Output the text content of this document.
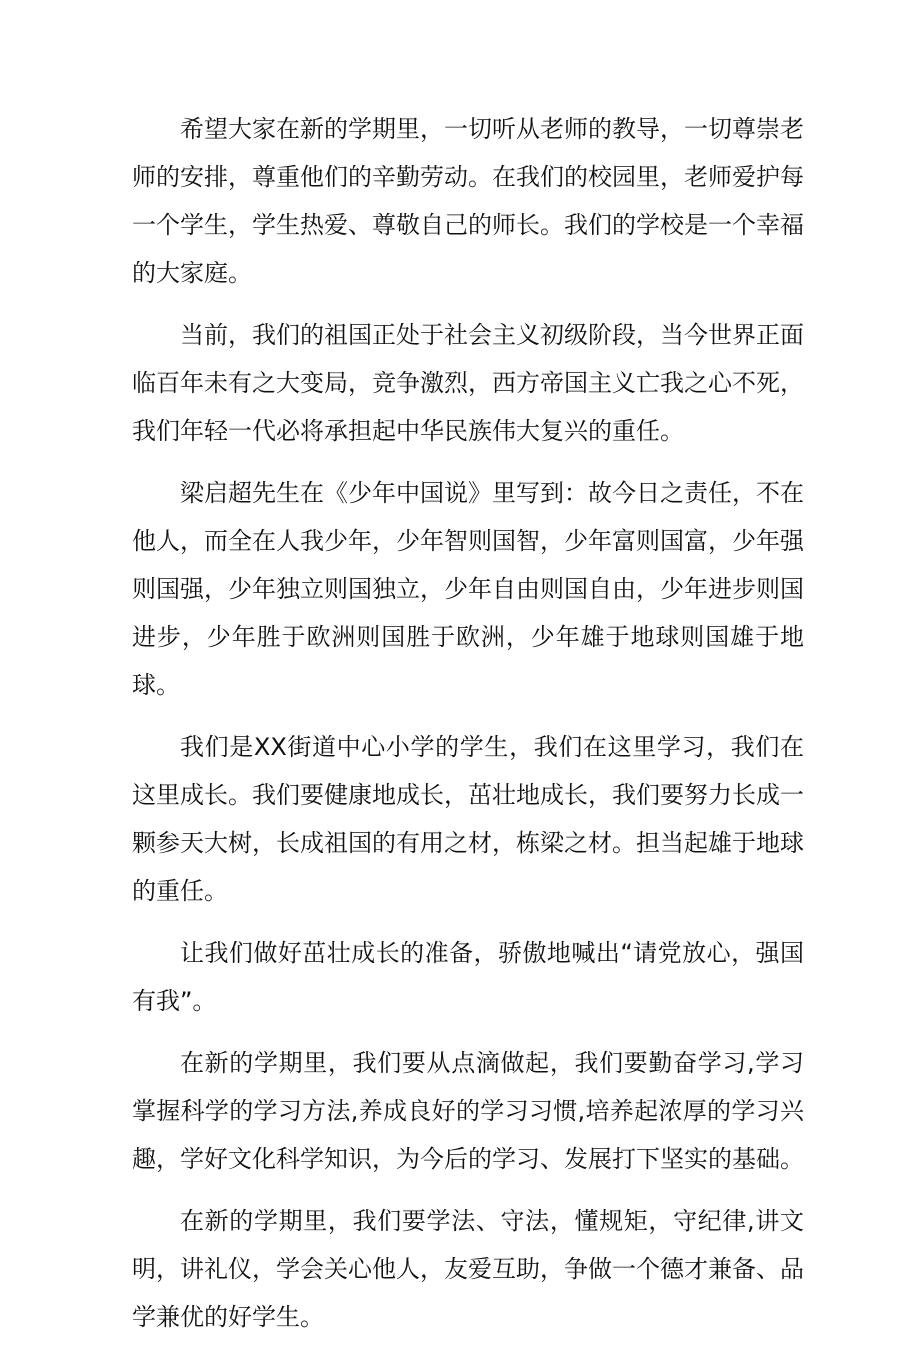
希望大家在新的学期里，一切听从老师的教导，一切尊崇老师的安排，尊重他们的辛勤劳动。在我们的校园里，老师爱护每一个学生，学生热爱、尊敬自己的师长。我们的学校是一个幸福的大家庭。

当前，我们的祖国正处于社会主义初级阶段，当今世界正面临百年未有之大变局，竞争激烈，西方帝国主义亡我之心不死，我们年轻一代必将承担起中华民族伟大复兴的重任。

梁启超先生在《少年中国说》里写到：故今日之责任，不在他人，而全在人我少年，少年智则国智，少年富则国富，少年强则国强，少年独立则国独立，少年自由则国自由，少年进步则国进步，少年胜于欧洲则国胜于欧洲，少年雄于地球则国雄于地球。

我们是XX街道中心小学的学生，我们在这里学习，我们在这里成长。我们要健康地成长，茁壮地成长，我们要努力长成一颗参天大树，长成祖国的有用之材，栋梁之材。担当起雄于地球的重任。

让我们做好茁壮成长的准备，骄傲地喊出“请党放心，强国有我”。

在新的学期里，我们要从点滴做起，我们要勤奋学习,学习掌握科学的学习方法,养成良好的学习习惯,培养起浓厚的学习兴趣，学好文化科学知识，为今后的学习、发展打下坚实的基础。

在新的学期里，我们要学法、守法，懂规矩，守纪律,讲文明，讲礼仪，学会关心他人，友爱互助，争做一个德才兼备、品学兼优的好学生。
